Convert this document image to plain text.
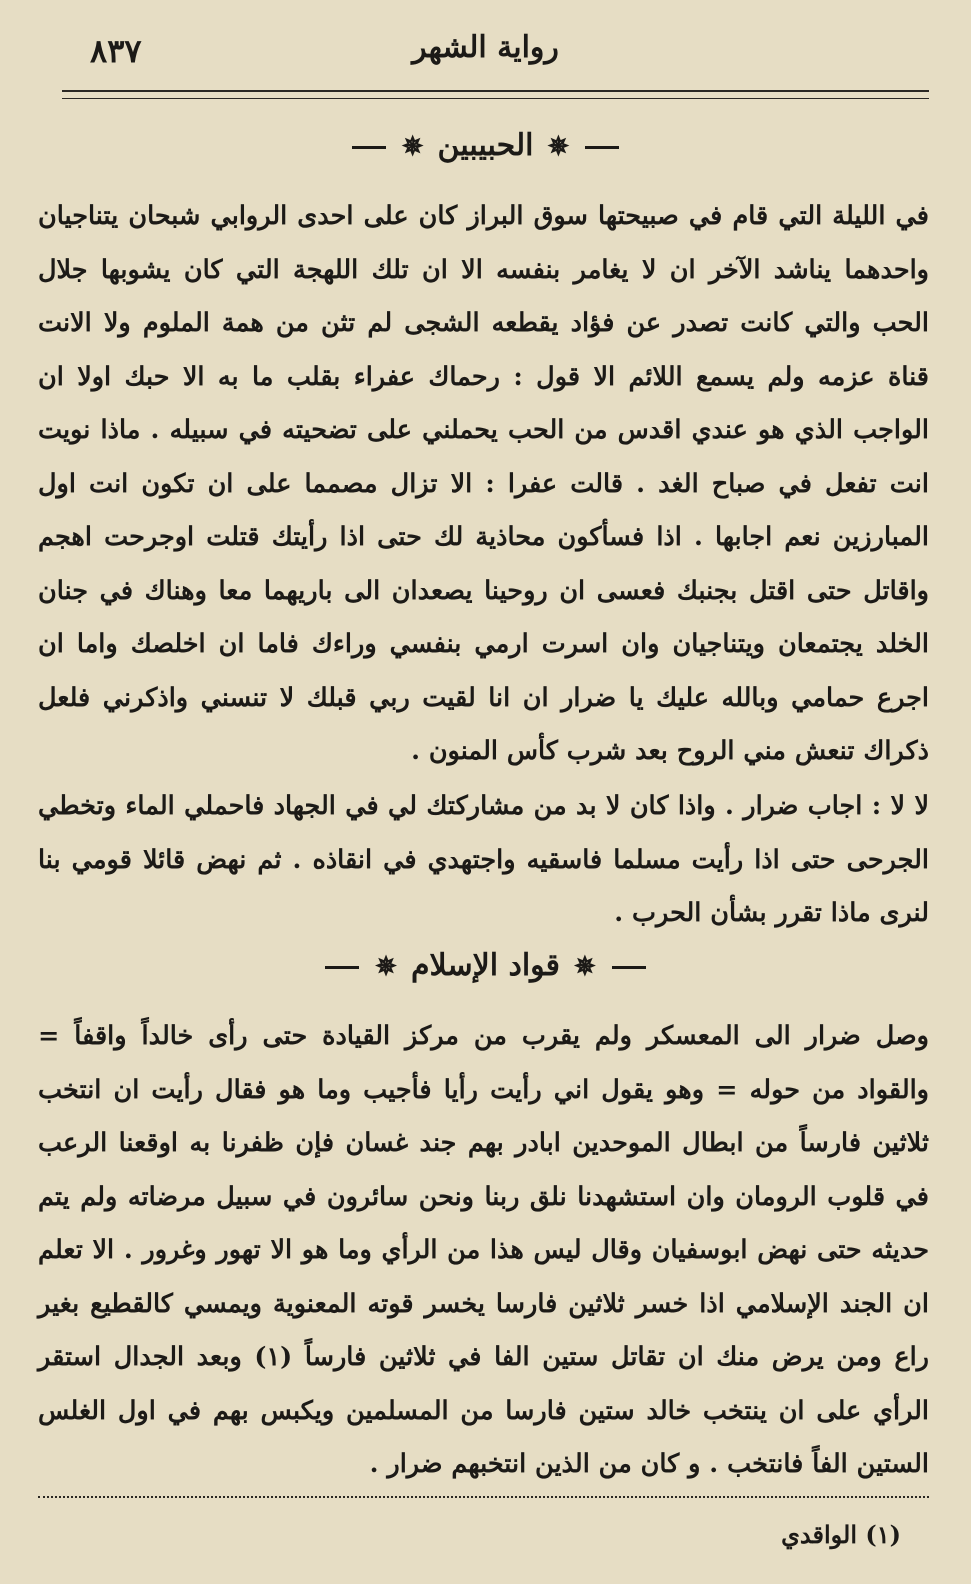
٨٣٧	رواية الشهر
✵الحبيبين✵

في الليلة التي قام في صبيحتها سوق البراز كان على احدى الروابي شبحان يتناجيان واحدهما يناشد الآخر ان لا يغامر بنفسه الا ان تلك اللهجة التي كان يشوبها جلال الحب والتي كانت تصدر عن فؤاد يقطعه الشجى لم تثن من همة الملوم ولا الانت قناة عزمه ولم يسمع اللائم الا قول : رحماك عفراء بقلب ما به الا حبك اولا ان الواجب الذي هو عندي اقدس من الحب يحملني على تضحيته في سبيله . ماذا نويت انت تفعل في صباح الغد . قالت عفرا : الا تزال مصمما على ان تكون انت اول المبارزين نعم اجابها . اذا فسأكون محاذية لك حتى اذا رأيتك قتلت اوجرحت اهجم واقاتل حتى اقتل بجنبك فعسى ان روحينا يصعدان الى باريهما معا وهناك في جنان الخلد يجتمعان ويتناجيان وان اسرت ارمي بنفسي وراءك فاما ان اخلصك واما ان اجرع حمامي وبالله عليك يا ضرار ان انا لقيت ربي قبلك لا تنسني واذكرني فلعل ذكراك تنعش مني الروح بعد شرب كأس المنون .

لا لا : اجاب ضرار . واذا كان لا بد من مشاركتك لي في الجهاد فاحملي الماء وتخطي الجرحى حتى اذا رأيت مسلما فاسقيه واجتهدي في انقاذه . ثم نهض قائلا قومي بنا لنرى ماذا تقرر بشأن الحرب .

✵قواد الإسلام✵

وصل ضرار الى المعسكر ولم يقرب من مركز القيادة حتى رأى خالداً واقفاً = والقواد من حوله = وهو يقول اني رأيت رأيا فأجيب وما هو فقال رأيت ان انتخب ثلاثين فارساً من ابطال الموحدين ابادر بهم جند غسان فإن ظفرنا به اوقعنا الرعب في قلوب الرومان وان استشهدنا نلق ربنا ونحن سائرون في سبيل مرضاته ولم يتم حديثه حتى نهض ابوسفيان وقال ليس هذا من الرأي وما هو الا تهور وغرور . الا تعلم ان الجند الإسلامي اذا خسر ثلاثين فارسا يخسر قوته المعنوية ويمسي كالقطيع بغير راع ومن يرض منك ان تقاتل ستين الفا في ثلاثين فارساً (١) وبعد الجدال استقر الرأي على ان ينتخب خالد ستين فارسا من المسلمين ويكبس بهم في اول الغلس الستين الفاً فانتخب . و كان من الذين انتخبهم ضرار .

(١) الواقدي
